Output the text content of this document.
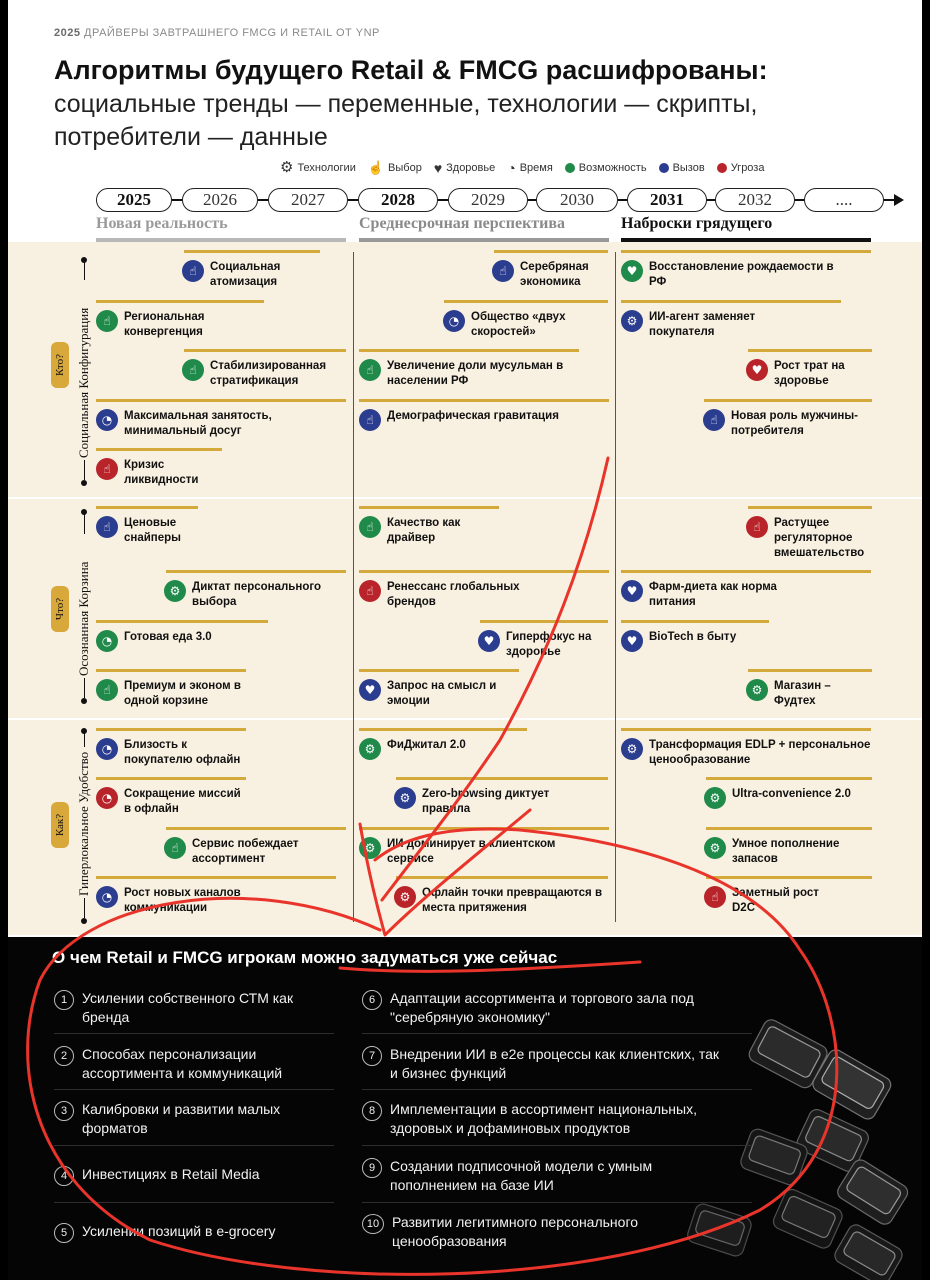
2025 ДРАЙВЕРЫ ЗАВТРАШНЕГО FMCG И RETAIL ОТ YNP
Алгоритмы будущего Retail & FMCG расшифрованы:
социальные тренды — переменные, технологии — скрипты, потребители — данные
⚙ Технологии ☝ Выбор ♥ Здоровье ◔ Время Возможность Вызов Угроза
2025	2026	2027	2028	2029	2030	2031	2032	....
Новая реальность	Среднесрочная перспектива	Наброски грядущего
Социальная Конфигурация
Кто?
Осознанная Корзина
Что?
Гиперлокальное Удобство
Как?
☝	Социальная атомизация
☝	Региональная конвергенция
☝	Стабилизированная стратификация
◔	Максимальная занятость, минимальный досуг
☝	Кризис ликвидности
☝	Серебряная экономика
◔	Общество «двух скоростей»
☝	Увеличение доли мусульман в населении РФ
☝	Демографическая гравитация
♥	Восстановление рождаемости в РФ
⚙	ИИ-агент заменяет покупателя
♥	Рост трат на здоровье
☝	Новая роль мужчины-потребителя
☝	Ценовые снайперы
⚙	Диктат персонального выбора
◔	Готовая еда 3.0
☝	Премиум и эконом в одной корзине
☝	Качество как драйвер
☝	Ренессанс глобальных брендов
♥	Гиперфокус на здоровье
♥	Запрос на смысл и эмоции
☝	Растущее регуляторное вмешательство
♥	Фарм-диета как норма питания
♥	BioTech в быту
⚙	Магазин – Фудтех
◔	Близость к покупателю офлайн
◔	Сокращение миссий в офлайн
☝	Сервис побеждает ассортимент
◔	Рост новых каналов коммуникации
⚙	ФиДжитал 2.0
⚙	Zero-browsing диктует правила
⚙	ИИ доминирует в клиентском сервисе
⚙	Офлайн точки превращаются в места притяжения
⚙	Трансформация EDLP + персональное ценообразование
⚙	Ultra-convenience 2.0
⚙	Умное пополнение запасов
☝	Заметный рост D2C
О чем Retail и FMCG игрокам можно задуматься уже сейчас
1	Усилении собственного СТМ как бренда
2	Способах персонализации ассортимента и коммуникаций
3	Калибровки и развитии малых форматов
4	Инвестициях в Retail Media
5	Усилении позиций в e-grocery
6	Адаптации ассортимента и торгового зала под "серебряную экономику"
7	Внедрении ИИ в е2е процессы как клиентских, так и бизнес функций
8	Имплементации в ассортимент национальных, здоровых и дофаминовых продуктов
9	Создании подписочной модели с умным пополнением на базе ИИ
10 Развитии легитимного персонального ценообразования
